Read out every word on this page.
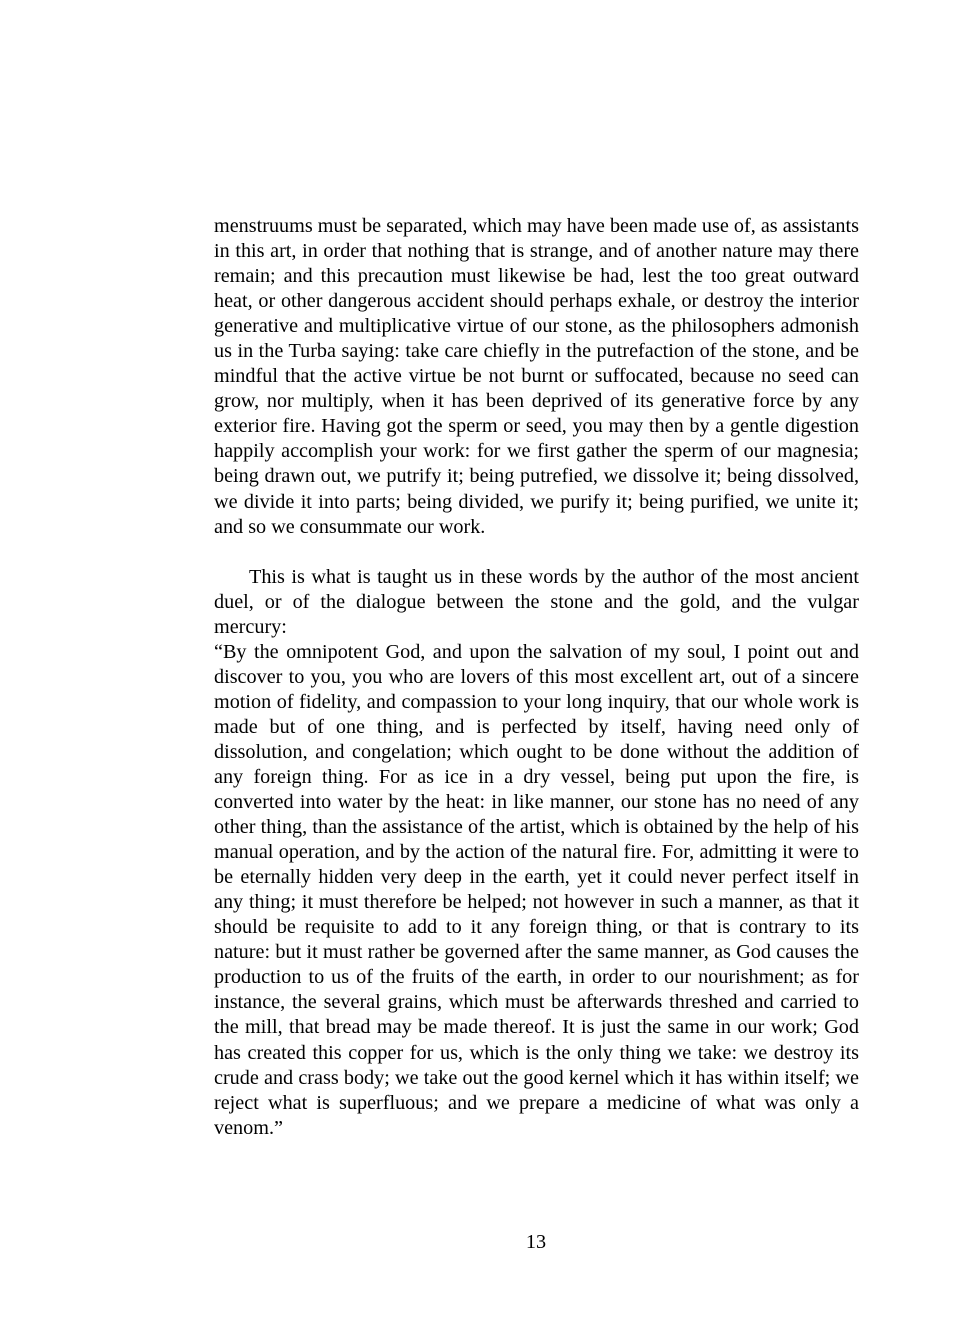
menstruums must be separated, which may have been made use of, as assistants in this art, in order that nothing that is strange, and of another nature may there remain; and this precaution must likewise be had, lest the too great outward heat, or other dangerous accident should perhaps exhale, or destroy the interior generative and multiplicative virtue of our stone, as the philosophers admonish us in the Turba saying: take care chiefly in the putrefaction of the stone, and be mindful that the active virtue be not burnt or suffocated, because no seed can grow, nor multiply, when it has been deprived of its generative force by any exterior fire. Having got the sperm or seed, you may then by a gentle digestion happily accomplish your work: for we first gather the sperm of our magnesia; being drawn out, we putrify it; being putrefied, we dissolve it; being dissolved, we divide it into parts; being divided, we purify it; being purified, we unite it; and so we consummate our work.

This is what is taught us in these words by the author of the most ancient duel, or of the dialogue between the stone and the gold, and the vulgar mercury:

“By the omnipotent God, and upon the salvation of my soul, I point out and discover to you, you who are lovers of this most excellent art, out of a sincere motion of fidelity, and compassion to your long inquiry, that our whole work is made but of one thing, and is perfected by itself, having need only of dissolution, and congelation; which ought to be done without the addition of any foreign thing. For as ice in a dry vessel, being put upon the fire, is converted into water by the heat: in like manner, our stone has no need of any other thing, than the assistance of the artist, which is obtained by the help of his manual operation, and by the action of the natural fire. For, admitting it were to be eternally hidden very deep in the earth, yet it could never perfect itself in any thing; it must therefore be helped; not however in such a manner, as that it should be requisite to add to it any foreign thing, or that is contrary to its nature: but it must rather be governed after the same manner, as God causes the production to us of the fruits of the earth, in order to our nourishment; as for instance, the several grains, which must be afterwards threshed and carried to the mill, that bread may be made thereof. It is just the same in our work; God has created this copper for us, which is the only thing we take: we destroy its crude and crass body; we take out the good kernel which it has within itself; we reject what is superfluous; and we prepare a medicine of what was only a venom.”

13
